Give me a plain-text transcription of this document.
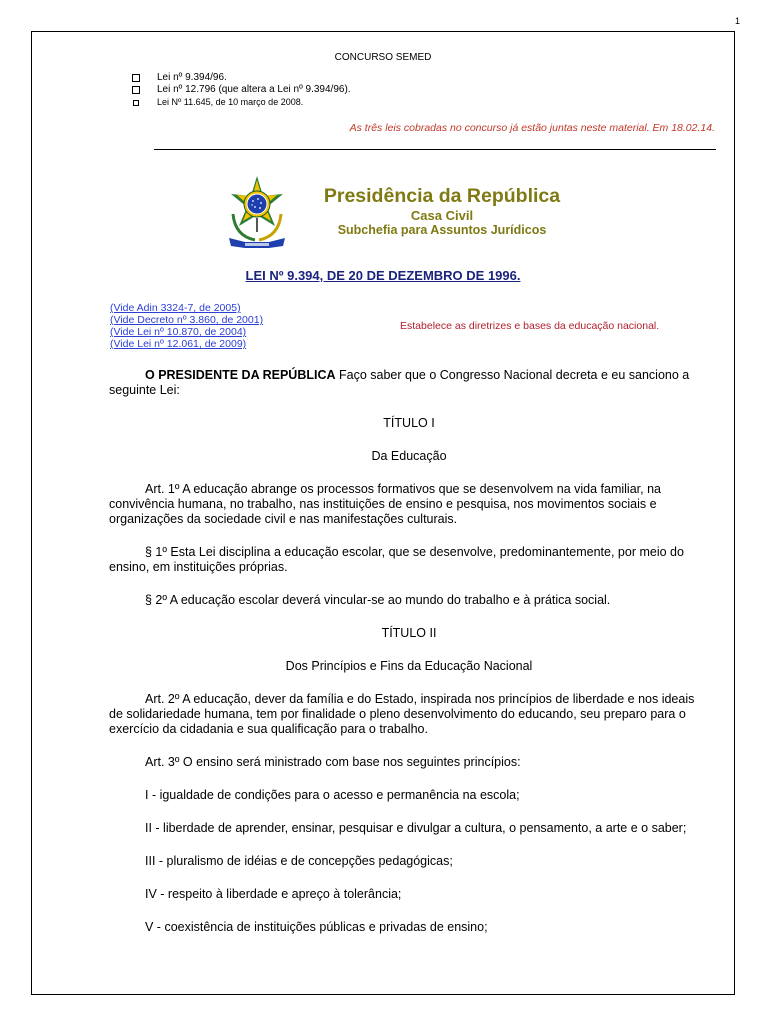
1
CONCURSO SEMED
Lei nº 9.394/96.
Lei nº 12.796 (que altera a Lei nº 9.394/96).
Lei Nº 11.645, de 10 março de 2008.
As três leis cobradas no concurso já estão juntas neste material. Em 18.02.14.
Presidência da República
Casa Civil
Subchefia para Assuntos Jurídicos
LEI Nº 9.394, DE 20 DE DEZEMBRO DE 1996.
(Vide Adin 3324-7, de 2005)
(Vide Decreto nº 3.860, de 2001)
(Vide Lei nº 10.870, de 2004)
(Vide Lei nº 12.061, de 2009)
Estabelece as diretrizes e bases da educação nacional.

O PRESIDENTE DA REPÚBLICA Faço saber que o Congresso Nacional decreta e eu sanciono a seguinte Lei:

TÍTULO I

Da Educação

Art. 1º A educação abrange os processos formativos que se desenvolvem na vida familiar, na convivência humana, no trabalho, nas instituições de ensino e pesquisa, nos movimentos sociais e organizações da sociedade civil e nas manifestações culturais.

§ 1º Esta Lei disciplina a educação escolar, que se desenvolve, predominantemente, por meio do ensino, em instituições próprias.

§ 2º A educação escolar deverá vincular-se ao mundo do trabalho e à prática social.

TÍTULO II

Dos Princípios e Fins da Educação Nacional

Art. 2º A educação, dever da família e do Estado, inspirada nos princípios de liberdade e nos ideais de solidariedade humana, tem por finalidade o pleno desenvolvimento do educando, seu preparo para o exercício da cidadania e sua qualificação para o trabalho.

Art. 3º O ensino será ministrado com base nos seguintes princípios:

I - igualdade de condições para o acesso e permanência na escola;

II - liberdade de aprender, ensinar, pesquisar e divulgar a cultura, o pensamento, a arte e o saber;

III - pluralismo de idéias e de concepções pedagógicas;

IV - respeito à liberdade e apreço à tolerância;

V - coexistência de instituições públicas e privadas de ensino;
